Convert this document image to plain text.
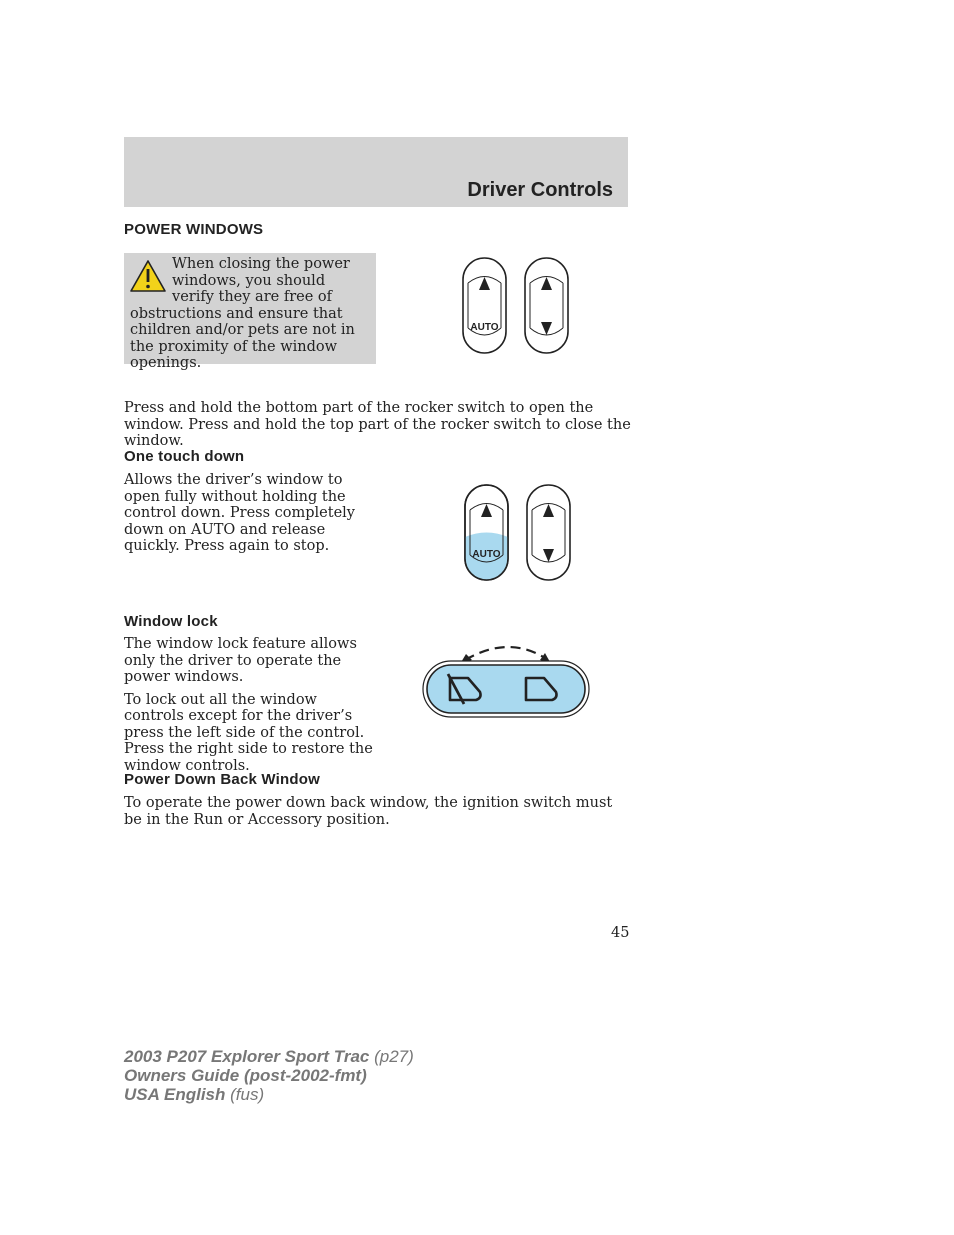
Driver Controls
POWER WINDOWS
When closing the power windows, you should verify they are free of obstructions and ensure that children and/or pets are not in the proximity of the window openings.
AUTO
Press and hold the bottom part of the rocker switch to open the window. Press and hold the top part of the rocker switch to close the window.
One touch down
Allows the driver’s window to open fully without holding the control down. Press completely down on AUTO and release quickly. Press again to stop.
AUTO
Window lock

The window lock feature allows only the driver to operate the power windows.

To lock out all the window controls except for the driver’s press the left side of the control. Press the right side to restore the window controls.

Power Down Back Window
To operate the power down back window, the ignition switch must be in the Run or Accessory position.
45
2003 P207 Explorer Sport Trac (p27)
Owners Guide (post-2002-fmt)
USA English (fus)
